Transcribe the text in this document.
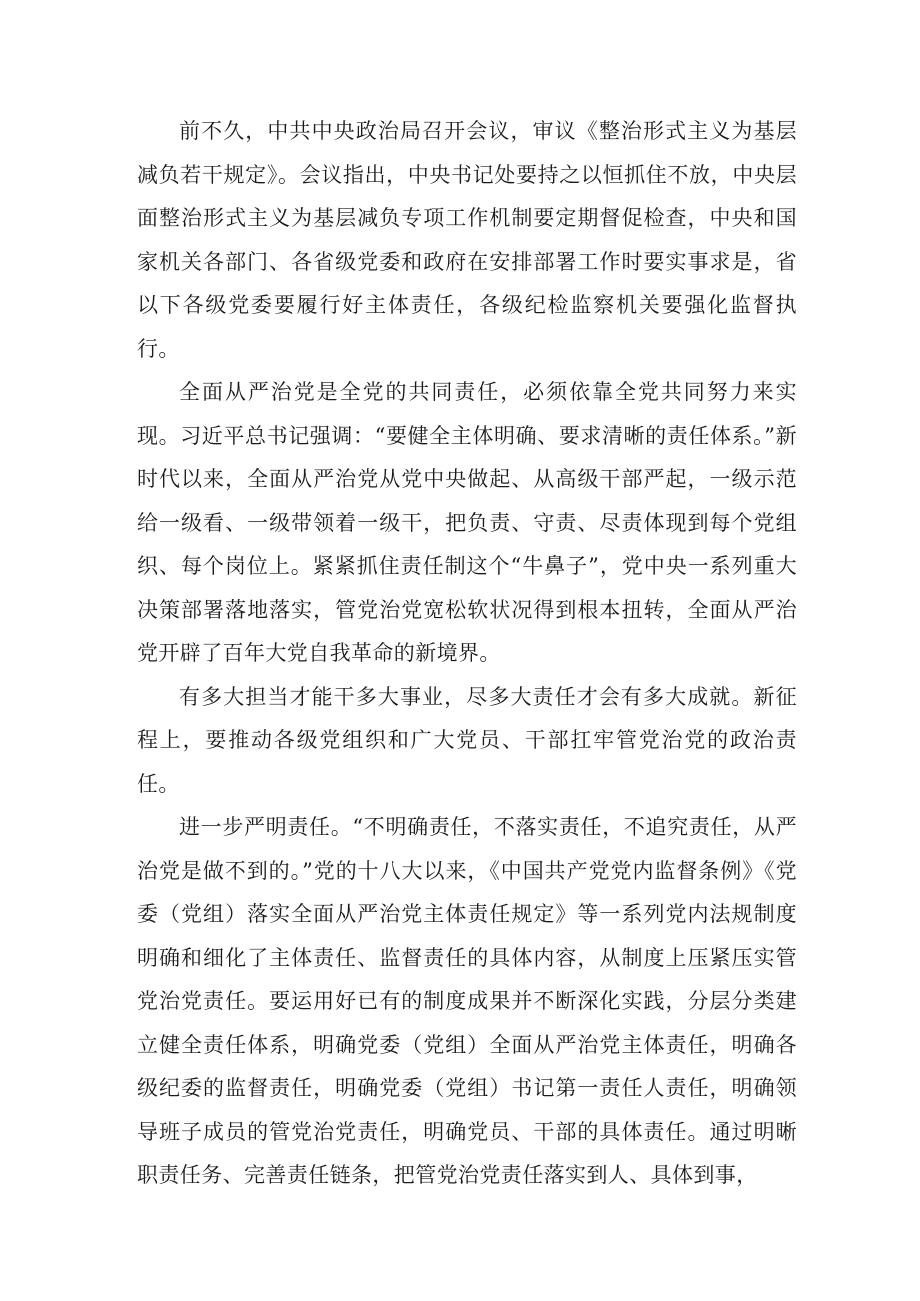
前不久，中共中央政治局召开会议，审议《整治形式主义为基层减负若干规定》。会议指出，中央书记处要持之以恒抓住不放，中央层面整治形式主义为基层减负专项工作机制要定期督促检查，中央和国家机关各部门、各省级党委和政府在安排部署工作时要实事求是，省以下各级党委要履行好主体责任，各级纪检监察机关要强化监督执行。

全面从严治党是全党的共同责任，必须依靠全党共同努力来实现。习近平总书记强调：“要健全主体明确、要求清晰的责任体系。”新时代以来，全面从严治党从党中央做起、从高级干部严起，一级示范给一级看、一级带领着一级干，把负责、守责、尽责体现到每个党组织、每个岗位上。紧紧抓住责任制这个“牛鼻子”，党中央一系列重大决策部署落地落实，管党治党宽松软状况得到根本扭转，全面从严治党开辟了百年大党自我革命的新境界。

有多大担当才能干多大事业，尽多大责任才会有多大成就。新征程上，要推动各级党组织和广大党员、干部扛牢管党治党的政治责任。

进一步严明责任。“不明确责任，不落实责任，不追究责任，从严治党是做不到的。”党的十八大以来，《中国共产党党内监督条例》《党委（党组）落实全面从严治党主体责任规定》等一系列党内法规制度明确和细化了主体责任、监督责任的具体内容，从制度上压紧压实管党治党责任。要运用好已有的制度成果并不断深化实践，分层分类建立健全责任体系，明确党委（党组）全面从严治党主体责任，明确各级纪委的监督责任，明确党委（党组）书记第一责任人责任，明确领导班子成员的管党治党责任，明确党员、干部的具体责任。通过明晰职责任务、完善责任链条，把管党治党责任落实到人、具体到事，
